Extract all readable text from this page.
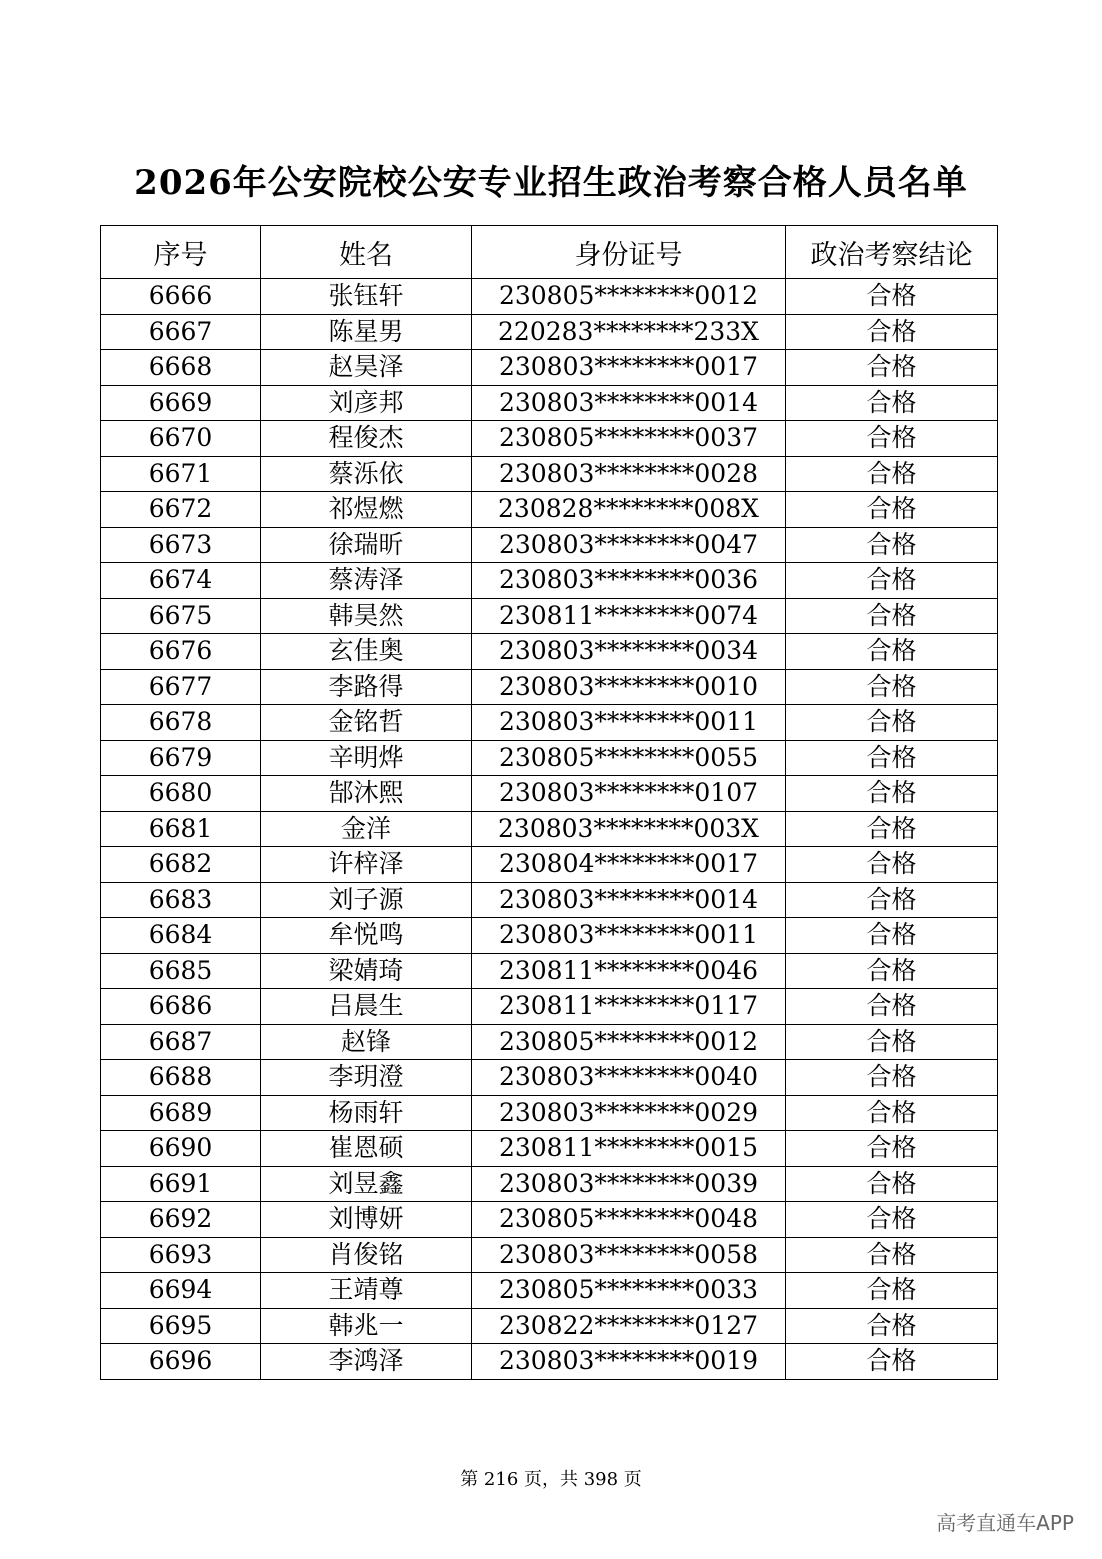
2026年公安院校公安专业招生政治考察合格人员名单
序号	姓名	身份证号	政治考察结论
6666	张钰轩	230805********0012	合格
6667	陈星男	220283********233X	合格
6668	赵昊泽	230803********0017	合格
6669	刘彦邦	230803********0014	合格
6670	程俊杰	230805********0037	合格
6671	蔡泺依	230803********0028	合格
6672	祁煜燃	230828********008X	合格
6673	徐瑞昕	230803********0047	合格
6674	蔡涛泽	230803********0036	合格
6675	韩昊然	230811********0074	合格
6676	玄佳奥	230803********0034	合格
6677	李路得	230803********0010	合格
6678	金铭哲	230803********0011	合格
6679	辛明烨	230805********0055	合格
6680	郜沐熙	230803********0107	合格
6681	金洋	230803********003X	合格
6682	许梓泽	230804********0017	合格
6683	刘子源	230803********0014	合格
6684	牟悦鸣	230803********0011	合格
6685	梁婧琦	230811********0046	合格
6686	吕晨生	230811********0117	合格
6687	赵锋	230805********0012	合格
6688	李玥澄	230803********0040	合格
6689	杨雨轩	230803********0029	合格
6690	崔恩硕	230811********0015	合格
6691	刘昱鑫	230803********0039	合格
6692	刘博妍	230805********0048	合格
6693	肖俊铭	230803********0058	合格
6694	王靖尊	230805********0033	合格
6695	韩兆一	230822********0127	合格
6696	李鸿泽	230803********0019	合格
第 216 页，共 398 页
高考直通车APP
